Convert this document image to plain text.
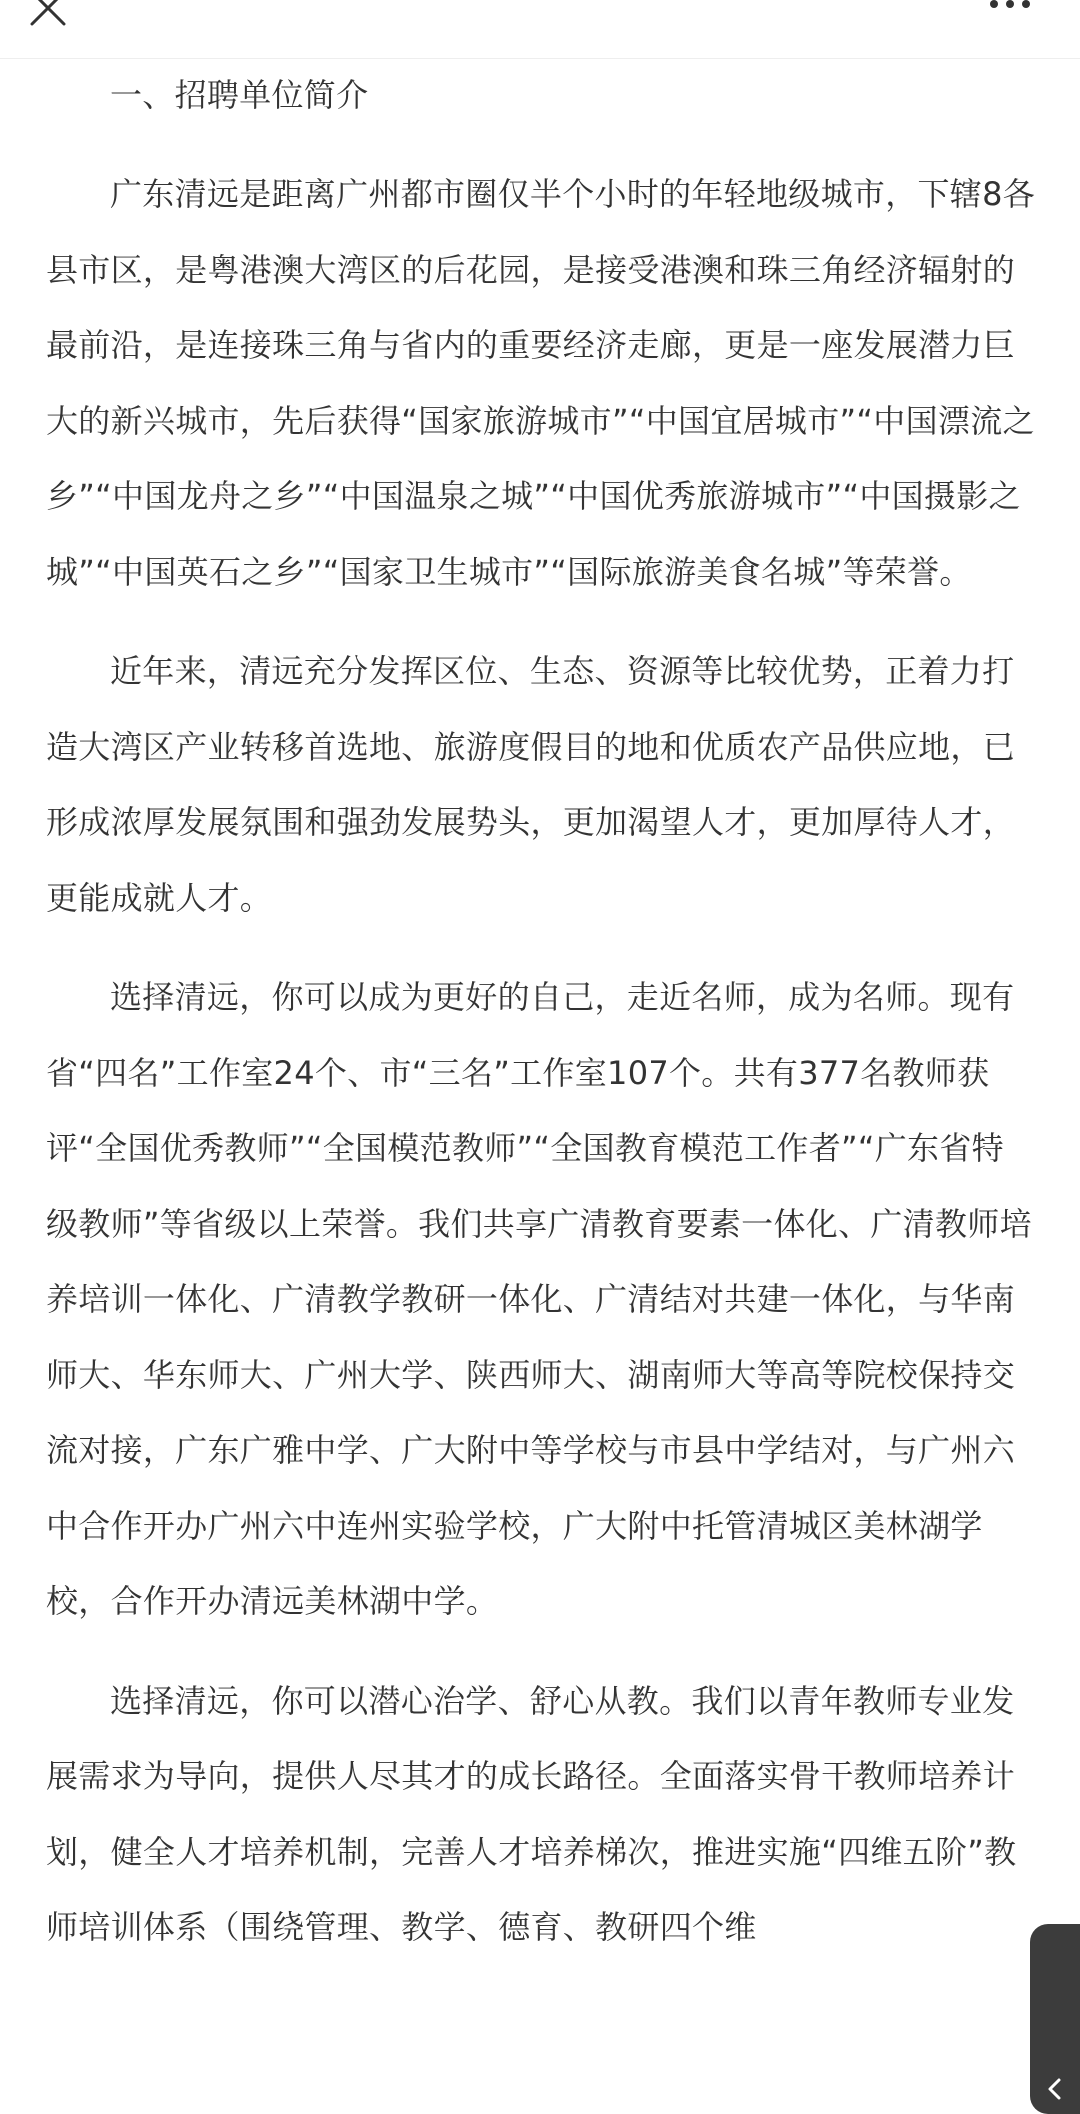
一、招聘单位简介

广东清远是距离广州都市圈仅半个小时的年轻地级城市，下辖8各县市区，是粤港澳大湾区的后花园，是接受港澳和珠三角经济辐射的最前沿，是连接珠三角与省内的重要经济走廊，更是一座发展潜力巨大的新兴城市，先后获得“国家旅游城市”“中国宜居城市”“中国漂流之乡”“中国龙舟之乡”“中国温泉之城”“中国优秀旅游城市”“中国摄影之城”“中国英石之乡”“国家卫生城市”“国际旅游美食名城”等荣誉。

近年来，清远充分发挥区位、生态、资源等比较优势，正着力打造大湾区产业转移首选地、旅游度假目的地和优质农产品供应地，已形成浓厚发展氛围和强劲发展势头，更加渴望人才，更加厚待人才，更能成就人才。

选择清远，你可以成为更好的自己，走近名师，成为名师。现有省“四名”工作室24个、市“三名”工作室107个。共有377名教师获评“全国优秀教师”“全国模范教师”“全国教育模范工作者”“广东省特级教师”等省级以上荣誉。我们共享广清教育要素一体化、广清教师培养培训一体化、广清教学教研一体化、广清结对共建一体化，与华南师大、华东师大、广州大学、陕西师大、湖南师大等高等院校保持交流对接，广东广雅中学、广大附中等学校与市县中学结对，与广州六中合作开办广州六中连州实验学校，广大附中托管清城区美林湖学校，合作开办清远美林湖中学。

选择清远，你可以潜心治学、舒心从教。我们以青年教师专业发展需求为导向，提供人尽其才的成长路径。全面落实骨干教师培养计划，健全人才培养机制，完善人才培养梯次，推进实施“四维五阶”教师培训体系（围绕管理、教学、德育、教研四个维
